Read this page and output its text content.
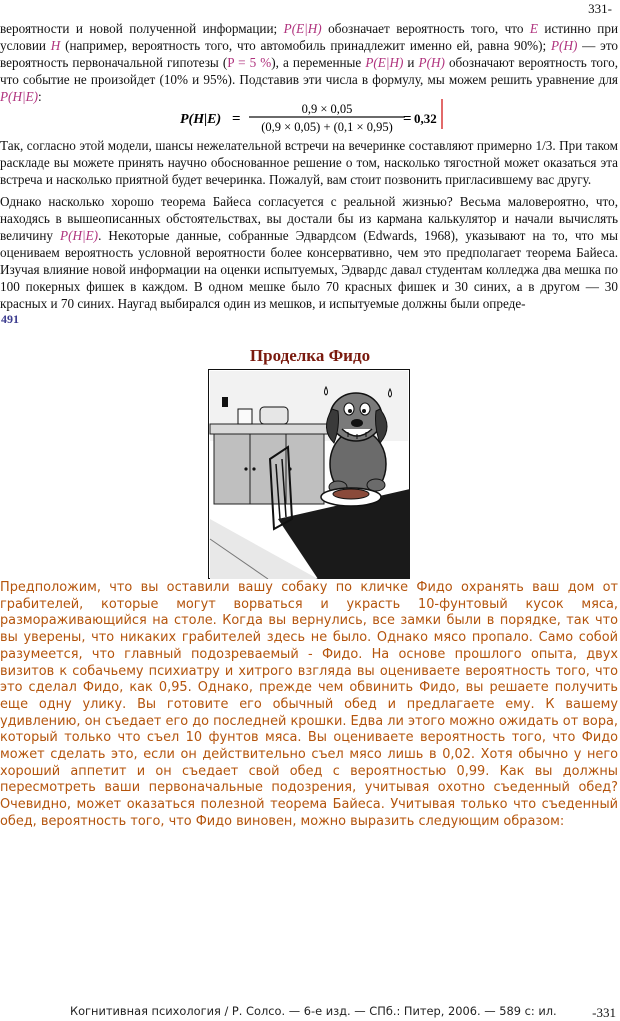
331-

вероятности и новой полученной информации; P(E|H) обозначает вероятность того, что E истинно при условии H (например, вероятность того, что автомобиль принадлежит именно ей, равна 90%); P(H) — это вероятность первоначальной гипотезы (P = 5 %), а переменные P(E|H) и P(H) обозначают вероятность того, что событие не произойдет (10% и 95%). Подставив эти числа в формулу, мы можем решить уравнение для P(H|E):

P(H|E) =
0,9 × 0,05
(0,9 × 0,05) + (0,1 × 0,95) = 0,32

Так, согласно этой модели, шансы нежелательной встречи на вечеринке составляют примерно 1/3. При таком раскладе вы можете принять научно обоснованное решение о том, насколько тягостной может оказаться эта встреча и насколько приятной будет вечеринка. Пожалуй, вам стоит позвонить пригласившему вас другу.

Однако насколько хорошо теорема Байеса согласуется с реальной жизнью? Весьма маловероятно, что, находясь в вышеописанных обстоятельствах, вы достали бы из кармана калькулятор и начали вычислять величину P(H|E). Некоторые данные, собранные Эдвардсом (Edwards, 1968), указывают на то, что мы оцениваем вероятность условной вероятности более консервативно, чем это предполагает теорема Байеса. Изучая влияние новой информации на оценки испытуемых, Эдвардс давал студентам колледжа два мешка по 100 покерных фишек в каждом. В одном мешке было 70 красных фишек и 30 синих, а в другом — 30 красных и 70 синих. Наугад выбирался один из мешков, и испытуемые должны были опреде-

491
Проделка Фидо

Предположим, что вы оставили вашу собаку по кличке Фидо охранять ваш дом от грабителей, которые могут ворваться и украсть 10-фунтовый кусок мяса, размораживающийся на столе. Когда вы вернулись, все замки были в порядке, так что вы уверены, что никаких грабителей здесь не было. Однако мясо пропало. Само собой разумеется, что главный подозреваемый - Фидо. На основе прошлого опыта, двух визитов к собачьему психиатру и хитрого взгляда вы оцениваете вероятность того, что это сделал Фидо, как 0,95. Однако, прежде чем обвинить Фидо, вы решаете получить еще одну улику. Вы готовите его обычный обед и предлагаете ему. К вашему удивлению, он съедает его до последней крошки. Едва ли этого можно ожидать от вора, который только что съел 10 фунтов мяса. Вы оцениваете вероятность того, что Фидо может сделать это, если он действительно съел мясо лишь в 0,02. Хотя обычно у него хороший аппетит и он съедает свой обед с вероятностью 0,99. Как вы должны пересмотреть ваши первоначальные подозрения, учитывая охотно съеденный обед? Очевидно, может оказаться полезной теорема Байеса. Учитывая только что съеденный обед, вероятность того, что Фидо виновен, можно выразить следующим образом:

Когнитивная психология / Р. Солсо. — 6-е изд. — СПб.: Питер, 2006. — 589 с: ил.	-331
